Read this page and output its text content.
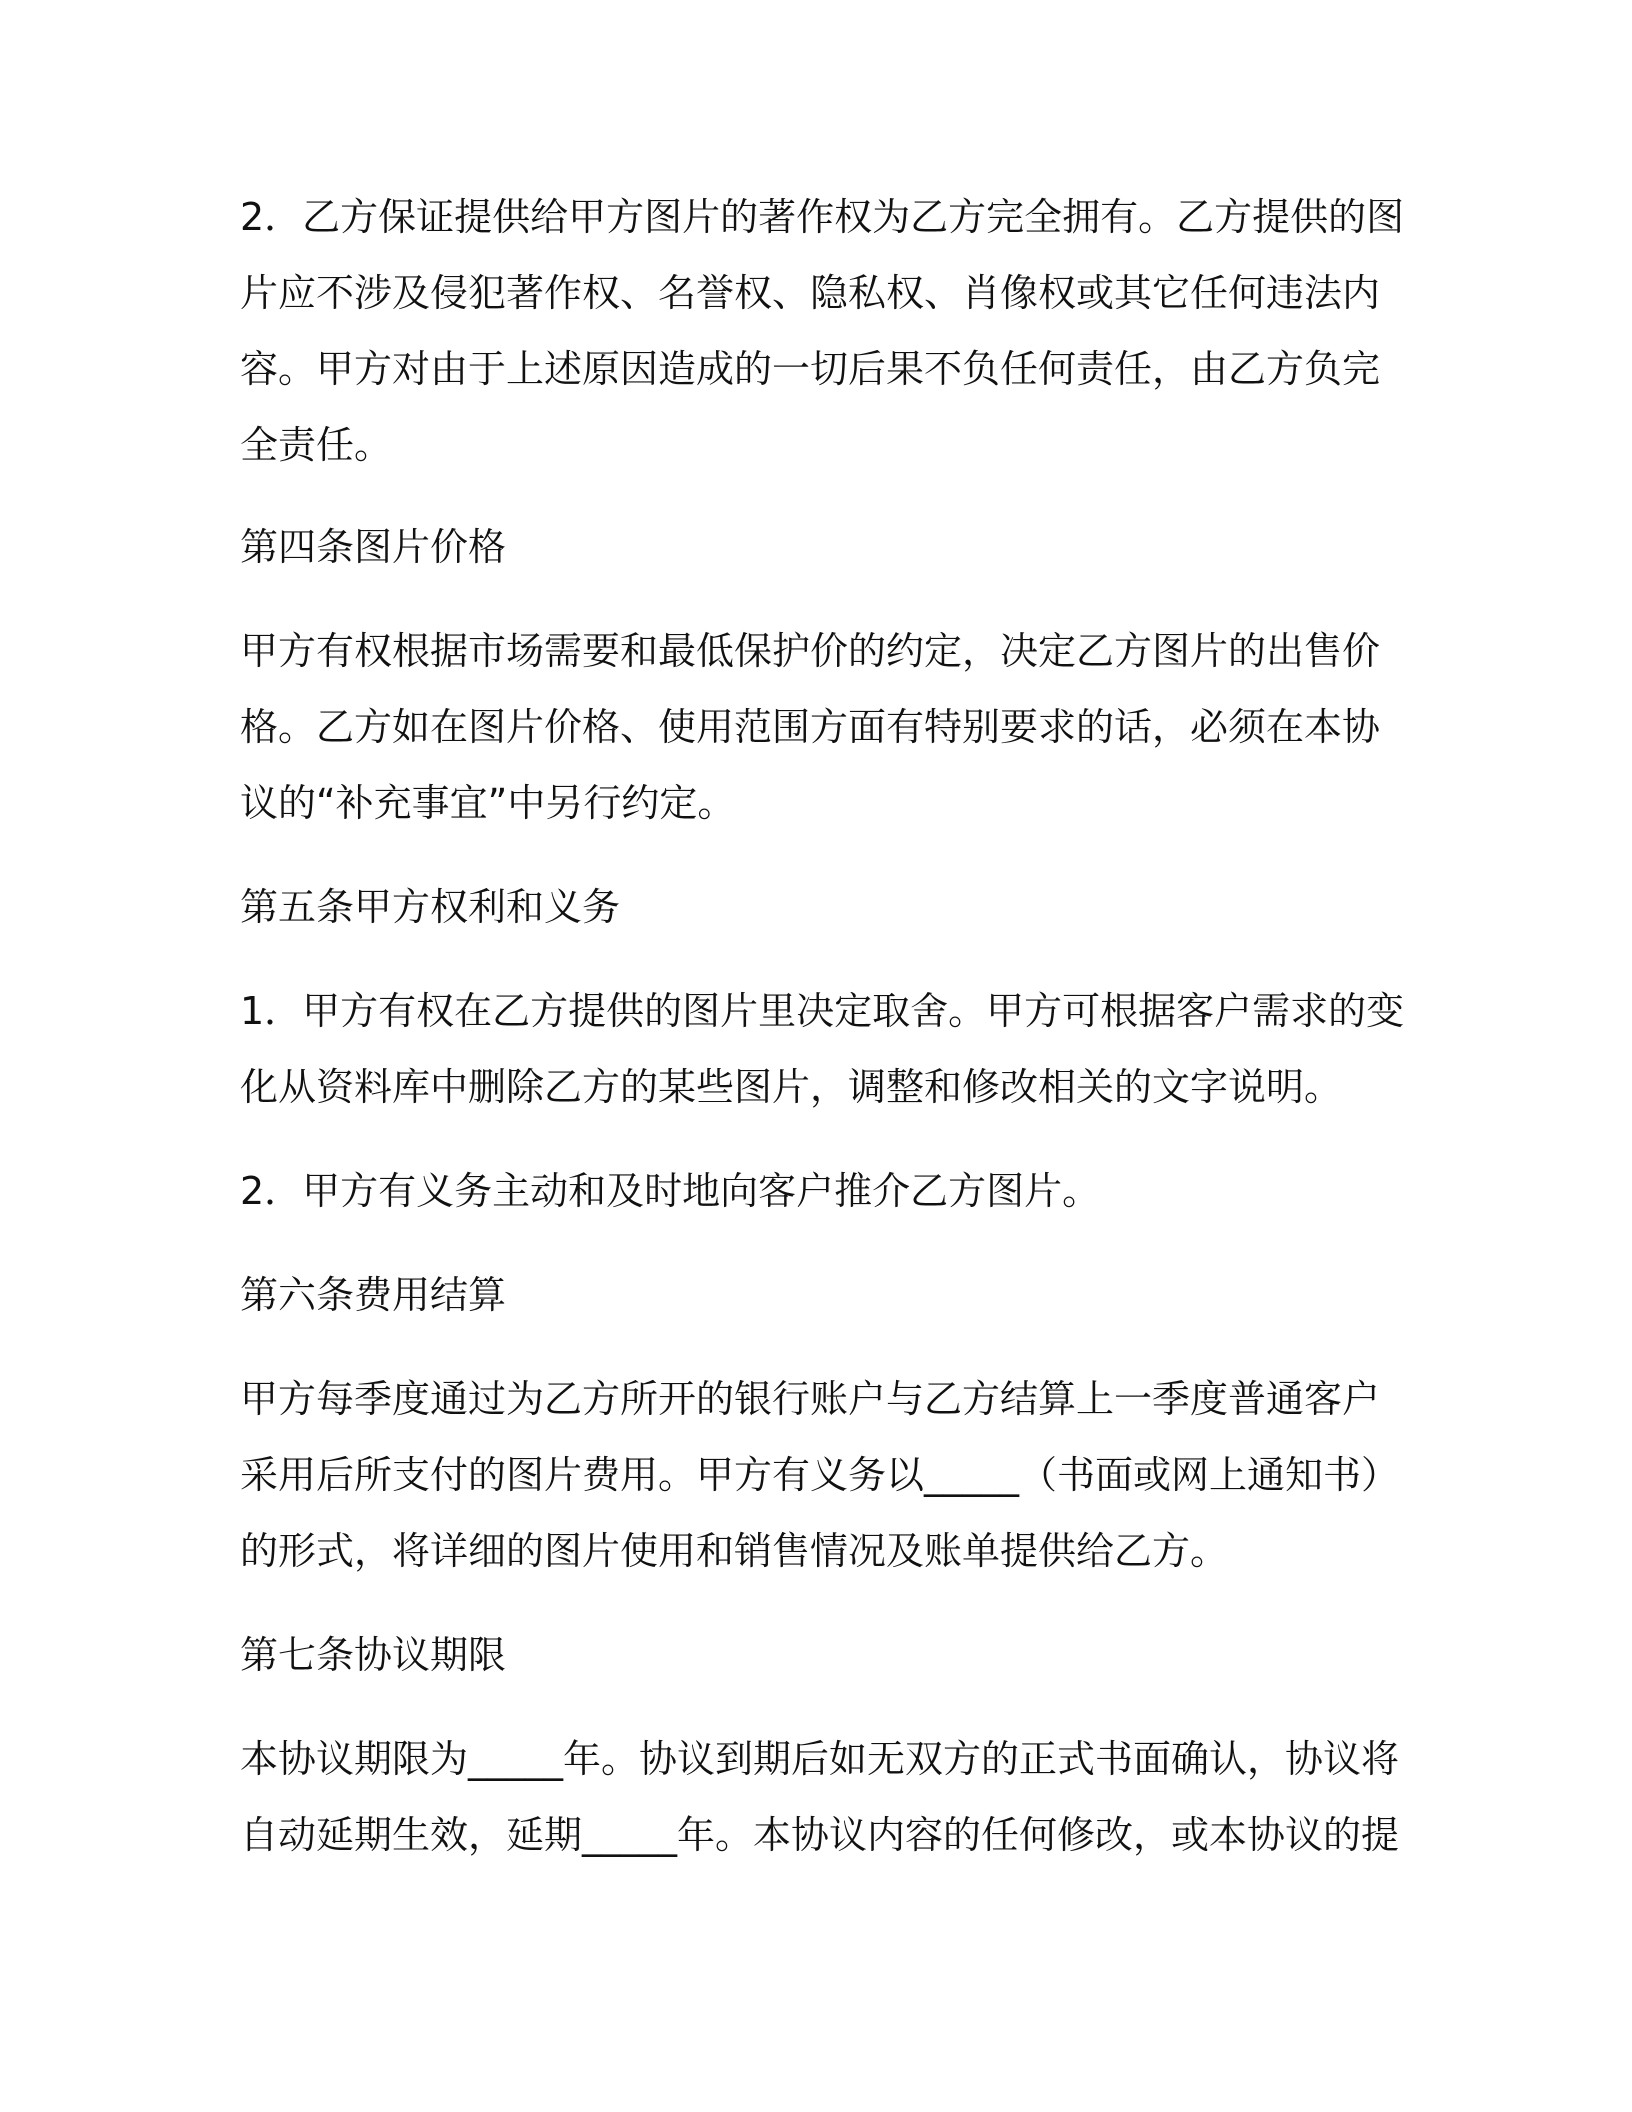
2．乙方保证提供给甲方图片的著作权为乙方完全拥有。乙方提供的图

片应不涉及侵犯著作权、名誉权、隐私权、肖像权或其它任何违法内

容。甲方对由于上述原因造成的一切后果不负任何责任，由乙方负完

全责任。

第四条图片价格

甲方有权根据市场需要和最低保护价的约定，决定乙方图片的出售价

格。乙方如在图片价格、使用范围方面有特别要求的话，必须在本协

议的“补充事宜”中另行约定。

第五条甲方权利和义务

1．甲方有权在乙方提供的图片里决定取舍。甲方可根据客户需求的变

化从资料库中删除乙方的某些图片，调整和修改相关的文字说明。

2．甲方有义务主动和及时地向客户推介乙方图片。

第六条费用结算

甲方每季度通过为乙方所开的银行账户与乙方结算上一季度普通客户

采用后所支付的图片费用。甲方有义务以_____（书面或网上通知书）

的形式，将详细的图片使用和销售情况及账单提供给乙方。

第七条协议期限

本协议期限为_____年。协议到期后如无双方的正式书面确认，协议将

自动延期生效，延期_____年。本协议内容的任何修改，或本协议的提
